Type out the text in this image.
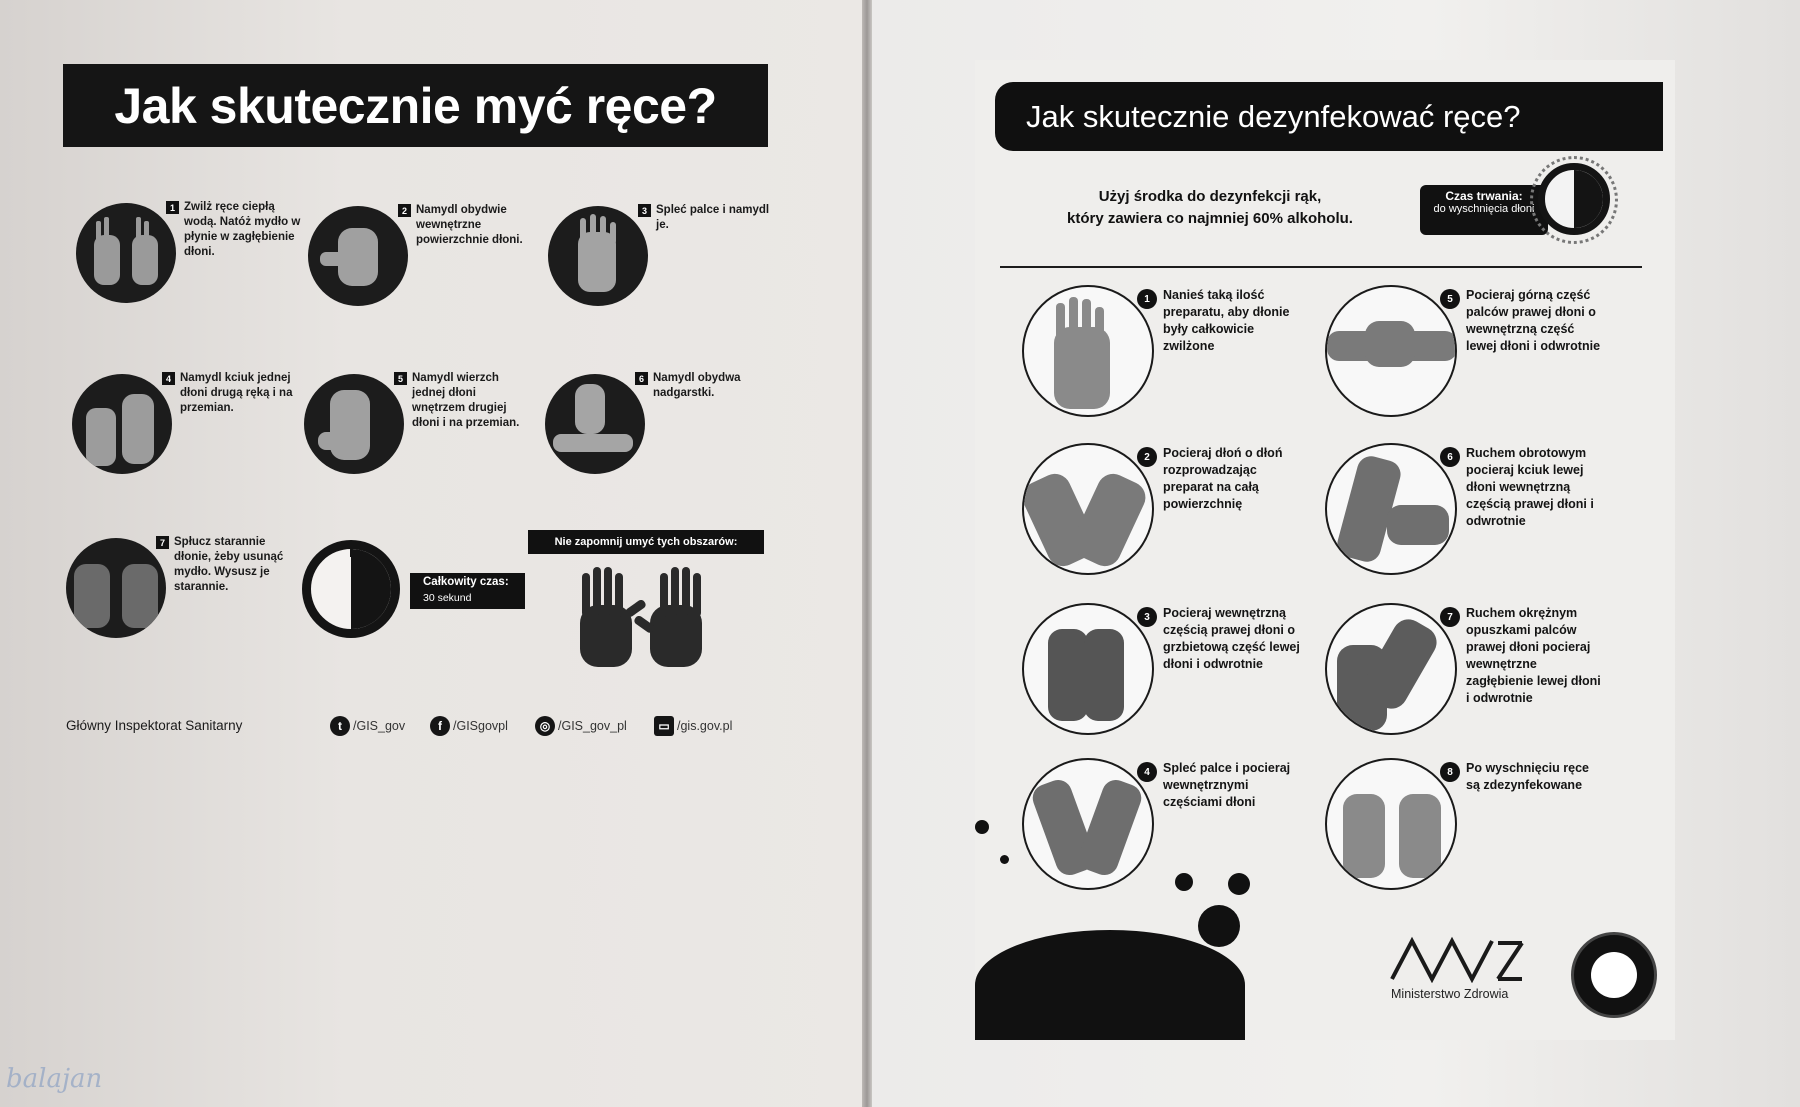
Jak skutecznie myć ręce?
1 Zwilż ręce ciepłą wodą. Natóż mydło w płynie w zagłębienie dłoni.
2 Namydl obydwie wewnętrzne powierzchnie dłoni.
3 Spleć palce i namydl je.
4 Namydl kciuk jednej dłoni drugą ręką i na przemian.
5 Namydl wierzch jednej dłoni wnętrzem drugiej dłoni i na przemian.
6 Namydl obydwa nadgarstki.
7 Spłucz starannie dłonie, żeby usunąć mydło. Wysusz je starannie.	Całkowity czas:
30 sekund
Nie zapomnij umyć tych obszarów:
Główny Inspektorat Sanitarny	t /GIS_gov	f /GISgovpl	◎ /GIS_gov_pl	▭ /gis.gov.pl
balajan
Jak skutecznie dezynfekować ręce?
Użyj środka do dezynfekcji rąk,
który zawiera co najmniej 60% alkoholu.
Czas trwania:
do wyschnięcia dłoni
1	Nanieś taką ilość preparatu, aby dłonie były całkowicie zwilżone
2	Pocieraj dłoń o dłoń rozprowadzając preparat na całą powierzchnię
3	Pocieraj wewnętrzną częścią prawej dłoni o grzbietową część lewej dłoni i odwrotnie
4	Spleć palce i pocieraj wewnętrznymi częściami dłoni
5	Pocieraj górną część palców prawej dłoni o wewnętrzną część lewej dłoni i odwrotnie
6	Ruchem obrotowym pocieraj kciuk lewej dłoni wewnętrzną częścią prawej dłoni i odwrotnie
7	Ruchem okrężnym opuszkami palców prawej dłoni pocieraj wewnętrzne zagłębienie lewej dłoni i odwrotnie
8	Po wyschnięciu ręce są zdezynfekowane
Ministerstwo Zdrowia
